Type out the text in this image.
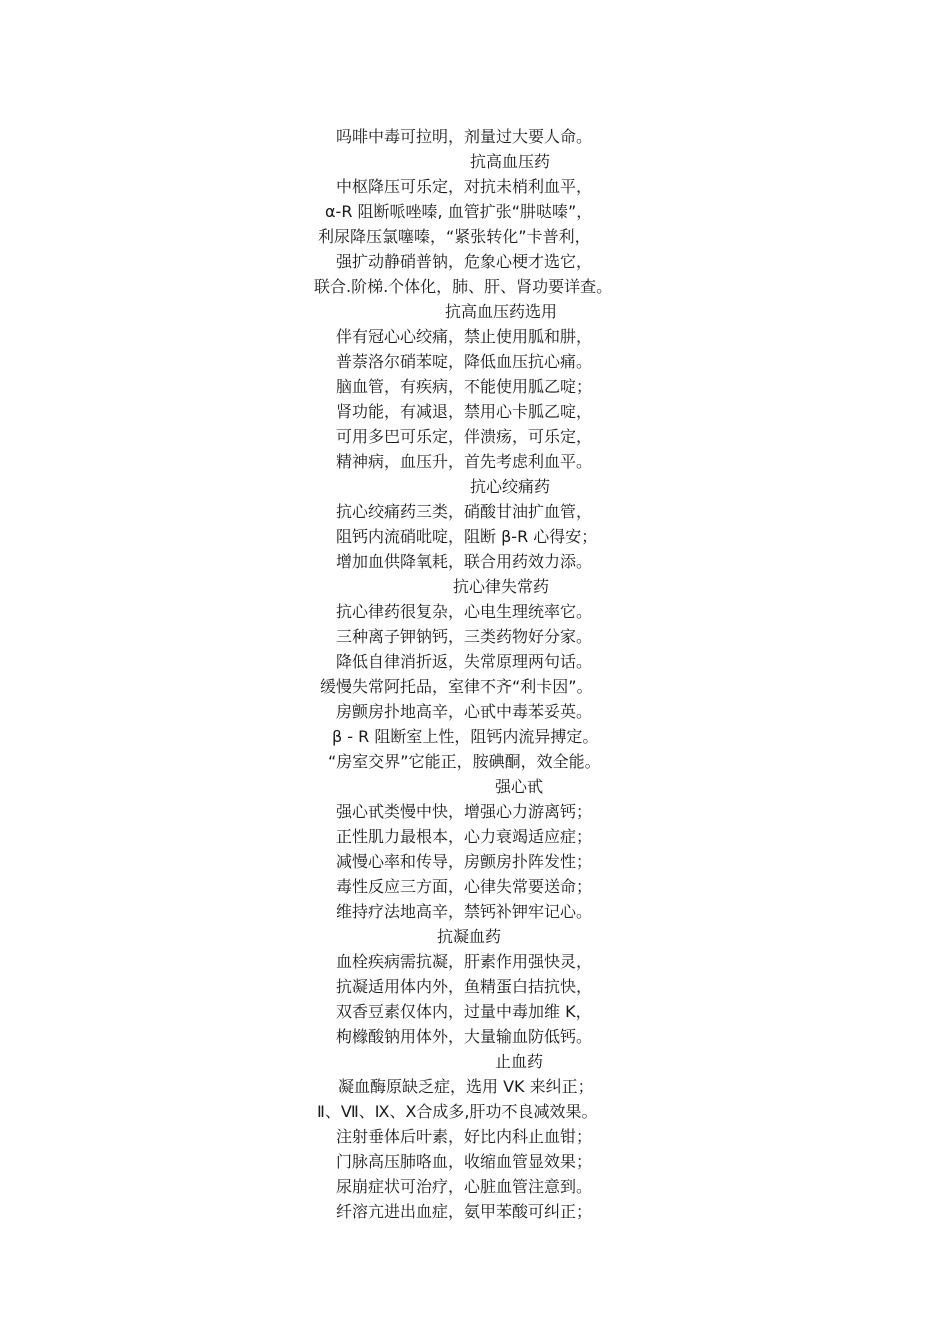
吗啡中毒可拉明，剂量过大要人命。
抗高血压药
中枢降压可乐定，对抗未梢利血平，
α-R 阻断哌唑嗪, 血管扩张“肼哒嗪”，
利尿降压氯噻嗪，“紧张转化”卡普利，
强扩动静硝普钠，危象心梗才选它，
联合.阶梯.个体化，肺、肝、肾功要详查。
抗高血压药选用
伴有冠心心绞痛，禁止使用胍和肼，
普萘洛尔硝苯啶，降低血压抗心痛。
脑血管，有疾病，不能使用胍乙啶；
肾功能，有减退，禁用心卡胍乙啶，
可用多巴可乐定，伴溃疡，可乐定，
精神病，血压升，首先考虑利血平。
抗心绞痛药
抗心绞痛药三类，硝酸甘油扩血管，
阻钙内流硝吡啶，阻断 β-R 心得安；
增加血供降氧耗，联合用药效力添。
抗心律失常药
抗心律药很复杂，心电生理统率它。
三种离子钾钠钙，三类药物好分家。
降低自律消折返，失常原理两句话。
缓慢失常阿托品，室律不齐“利卡因”。
房颤房扑地高辛，心甙中毒苯妥英。
β - R 阻断室上性，阻钙内流异搏定。
“房室交界”它能正，胺碘酮，效全能。
强心甙
强心甙类慢中快，增强心力游离钙；
正性肌力最根本，心力衰竭适应症；
减慢心率和传导，房颤房扑阵发性；
毒性反应三方面，心律失常要送命；
维持疗法地高辛，禁钙补钾牢记心。
抗凝血药
血栓疾病需抗凝，肝素作用强快灵，
抗凝适用体内外，鱼精蛋白拮抗快，
双香豆素仅体内，过量中毒加维 K，
枸橼酸钠用体外，大量输血防低钙。
止血药
凝血酶原缺乏症，选用 VK 来纠正；
Ⅱ、Ⅶ、Ⅸ、Ⅹ合成多,肝功不良减效果。
注射垂体后叶素，好比内科止血钳；
门脉高压肺咯血，收缩血管显效果；
尿崩症状可治疗，心脏血管注意到。
纤溶亢进出血症，氨甲苯酸可纠正；
